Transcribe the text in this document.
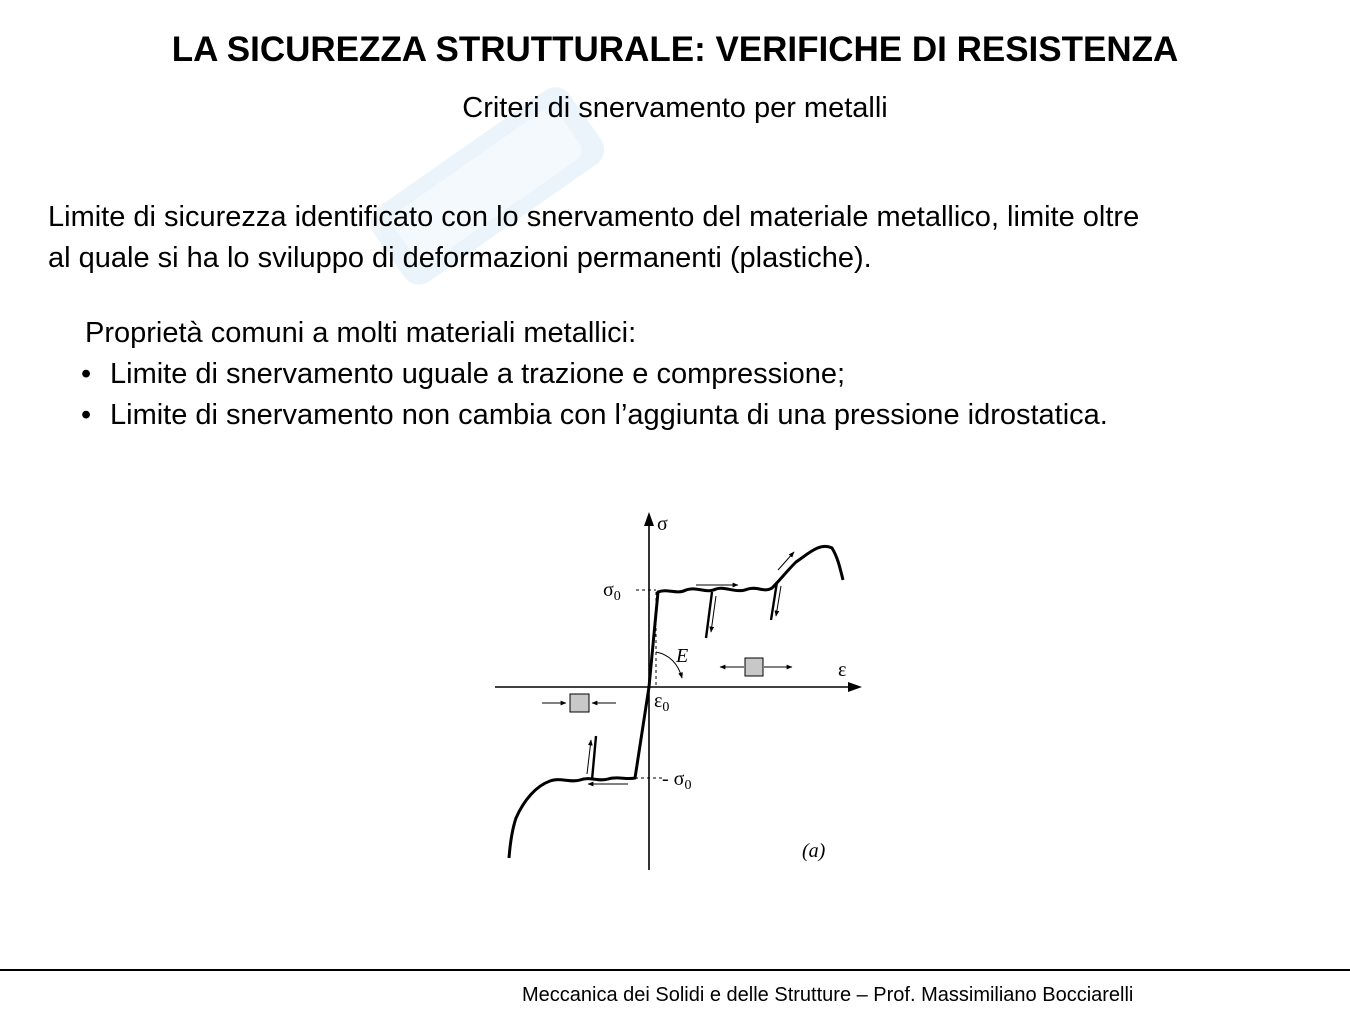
LA SICUREZZA STRUTTURALE: VERIFICHE DI RESISTENZA
Criteri di snervamento per metalli
Limite di sicurezza identificato con lo snervamento del materiale metallico, limite oltre
al quale si ha lo sviluppo di deformazioni permanenti (plastiche).
Proprietà comuni a molti materiali metallici:
• Limite di snervamento uguale a trazione e compressione;
• Limite di snervamento non cambia con l’aggiunta di una pressione idrostatica.
σ
ε
$\sigma_0$
- $\sigma_0$
$\varepsilon_0$
E
(a)
Meccanica dei Solidi e delle Strutture – Prof. Massimiliano Bocciarelli
